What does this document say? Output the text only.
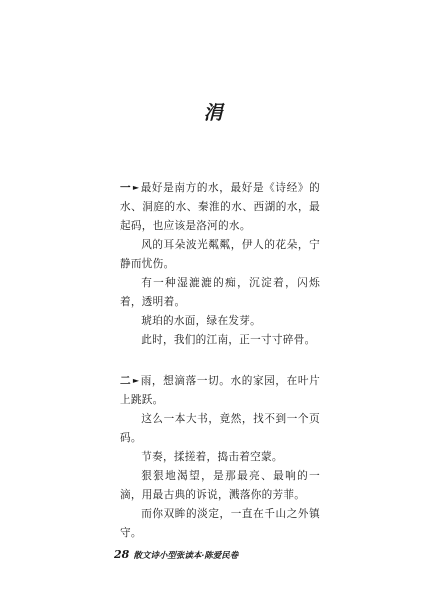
涓

一 ►最好是南方的水，最好是《诗经》的水、洞庭的水、秦淮的水、西湖的水，最起码，也应该是洛河的水。

风的耳朵波光粼粼，伊人的花朵，宁静而忧伤。

有一种湿漉漉的痴，沉淀着，闪烁着，透明着。

琥珀的水面，绿在发芽。

此时，我们的江南，正一寸寸碎骨。

二 ►雨，想滴落一切。水的家园，在叶片上跳跃。

这么一本大书，竟然，找不到一个页码。

节奏，揉搓着，捣击着空蒙。

狠狠地渴望，是那最亮、最响的一滴，用最古典的诉说，溅落你的芳菲。

而你双眸的淡定，一直在千山之外镇守。

28 散文诗小型张读本·陈爱民卷
